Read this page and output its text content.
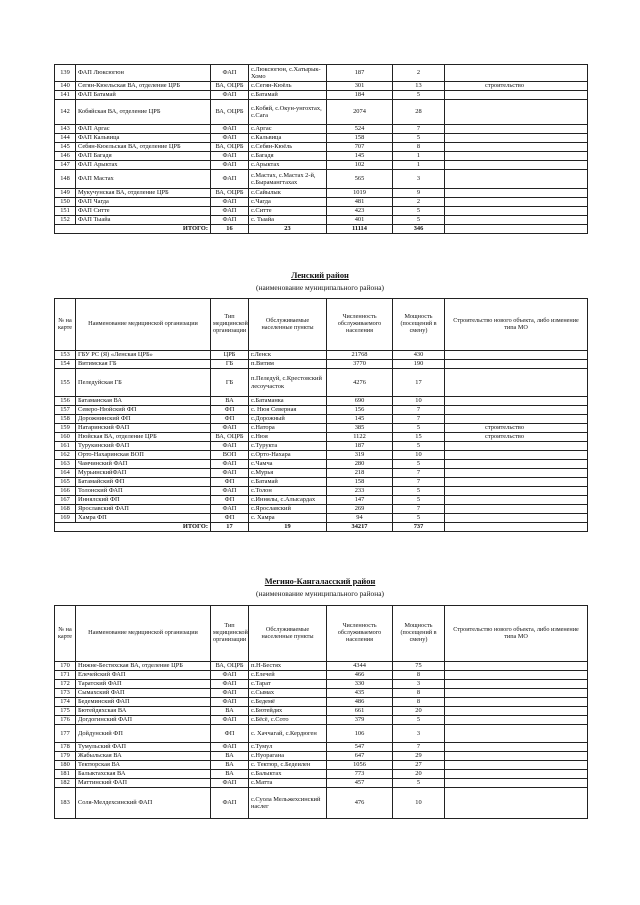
139	ФАП Люксюгюн	ФАП	с.Люксюгюн, с.Хатырык-Хомо	187	2	
140	Сегян-Кюельская ВА, отделение ЦРБ	ВА, ОЦРБ	с.Сегян-Кюёль	301	13	строительство
141	ФАП Батамай	ФАП	с.Батамай	184	5	
142	Кобяйская ВА, отделение ЦРБ	ВА, ОЦРБ	с.Кобяй, с.Окун-унгохтах, с.Сага	2074	28	
143	ФАП Аргас	ФАП	с.Аргас	524	7	
144	ФАП Кальвица	ФАП	с.Кальвица	158	5	
145	Себян-Кюельская ВА, отделение ЦРБ	ВА, ОЦРБ	с.Себян-Кюёль	707	8	
146	ФАП Багадя	ФАП	с.Багадя	145	1	
147	ФАП Арыктах	ФАП	с.Арыктах	102	1	
148	ФАП Мастах	ФАП	с.Мастах, с.Мастах 2-й, с.Бырамангтахах	565	3	
149	Мукучунская ВА, отделение ЦРБ	ВА, ОЦРБ	с.Сайылык	1019	9	
150	ФАП Чагда	ФАП	с.Чагда	481	2	
151	ФАП Ситте	ФАП	с.Ситте	423	5	
152	ФАП Тыайа	ФАП	с. Тыайа	401	5	
ИТОГО:		16	23	11114	346	
Ленский район
(наименование муниципального района)
№ на карте	Наименование медицинской организации	Тип медицинской организации	Обслуживаемые населенные пункты	Численность обслуживаемого населения	Мощность (посещений в смену)	Строительство нового объекта, либо изменение типа МО
153	ГБУ РС (Я) «Ленская ЦРБ»	ЦРБ	г.Ленск	21768	430	
154	Витимская ГБ	ГБ	п.Витим	3770	190	
155	Пеледуйская ГБ	ГБ	п.Пеледуй, с.Крестовский лесоучасток	4276	17	
156	Батаманская ВА	ВА	с.Батаманка	690	10	
157	Северо-Нюйский ФП	ФП	с. Нюя Северная	156	7	
158	Дорожнинский ФП	ФП	с.Дорожный	145	7	
159	Натаринский ФАП	ФАП	с.Натора	385	5	строительство
160	Нюйская ВА, отделение ЦРБ	ВА, ОЦРБ	с.Нюя	1122	15	строительство
161	Турукинский ФАП	ФАП	с.Турукта	187	5	
162	Орто-Нахаринская ВОП	ВОП	с.Орто-Нахара	319	10	
163	Чамчинский ФАП	ФАП	с.Чамча	280	5	
164	МурьинскийФАП	ФАП	с.Мурья	218	7	
165	Батамайский ФП	ФП	с.Батамай	158	7	
166	Толонский ФАП	ФАП	с.Толон	233	5	
167	Иннялский ФП	ФП	с.Иннялы, с.Алысардах	147	5	
168	Ярославский ФАП	ФАП	с.Ярославский	269	7	
169	Хамра ФП	ФП	с. Хамра	94	5	
ИТОГО:		17	19	34217	737	
Мегино-Кангаласский район
(наименование муниципального района)
№ на карте	Наименование медицинской организации	Тип медицинской организации	Обслуживаемые населенные пункты	Численность обслуживаемого населения	Мощность (посещений в смену)	Строительство нового объекта, либо изменение типа МО
170	Нижне-Бестяхская ВА, отделение ЦРБ	ВА, ОЦРБ	п.Н-Бестях	4344	75	
171	Елечейский ФАП	ФАП	с.Елечей	466	8	
172	Таратский ФАП	ФАП	с.Тарат	330	3	
173	Сымахский ФАП	ФАП	с.Сымах	435	8	
174	Бедеминский ФАП	ФАП	с.Бедемё	486	8	
175	Бютейдяхская ВА	ВА	с.Бютейдях	661	20	
176	Догдогинский ФАП	ФАП	с.Бёсё, с.Сото	379	5	
177	Дойдунский ФП	ФП	с. Хаччагай, с.Кердюген	106	3	
178	Тумульский ФАП	ФАП	с.Тумул	547	7	
179	Жабыльская ВА	ВА	с.Нуорагана	647	29	
180	Тектюрская ВА	ВА	с. Тектюр, с.Бедеилен	1056	27	
181	Балыктахская ВА	ВА	с.Балыктах	773	20	
182	Маттинский ФАП	ФАП	с.Матта	457	5	
183	Соля-Мелдехсинский ФАП	ФАП	с.Суола Мельжехсинский наслег	476	10	
